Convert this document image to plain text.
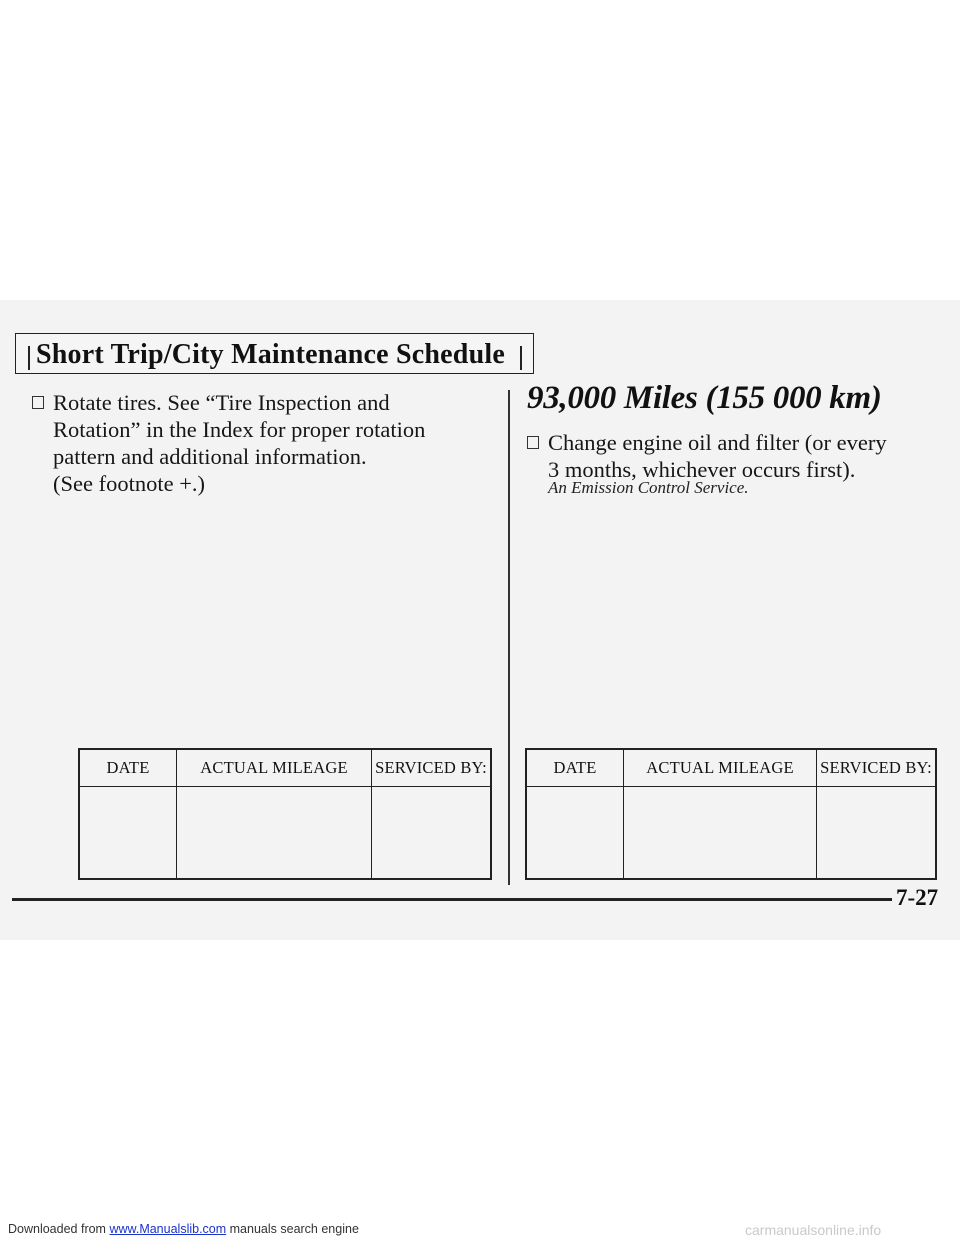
Short Trip/City Maintenance Schedule
Rotate tires. See “Tire Inspection and
Rotation” in the Index for proper rotation
pattern and additional information.
(See footnote +.)
93,000 Miles (155 000 km)
Change engine oil and filter (or every
3 months, whichever occurs first).
An Emission Control Service.
DATE	ACTUAL MILEAGE	SERVICED BY:
			DATE	ACTUAL MILEAGE	SERVICED BY:

7-27
Downloaded from www.Manualslib.com manuals search engine	carmanualsonline.info
